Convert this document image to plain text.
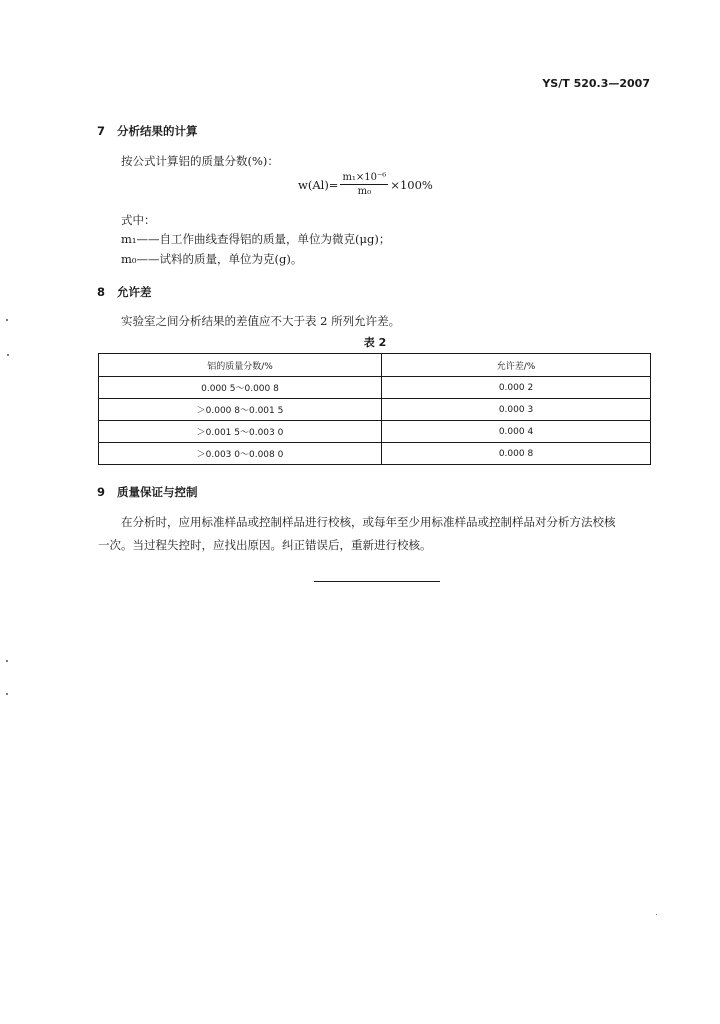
YS/T 520.3—2007
7 分析结果的计算
按公式计算铝的质量分数(%)：
$w(Al)= \frac{\text{m₁×10⁻⁶}}{\text{m₀}} \times 100\%$
式中：
m₁——自工作曲线查得铝的质量，单位为微克(μg)；
m₀——试料的质量，单位为克(g)。
8 允许差
实验室之间分析结果的差值应不大于表 2 所列允许差。
表 2
铝的质量分数/%	允许差/%
0.000 5～0.000 8	0.000 2
＞0.000 8～0.001 5	0.000 3
＞0.001 5～0.003 0	0.000 4
＞0.003 0～0.008 0	0.000 8
9 质量保证与控制
在分析时，应用标准样品或控制样品进行校核，或每年至少用标准样品或控制样品对分析方法校核
一次。当过程失控时，应找出原因。纠正错误后，重新进行校核。
